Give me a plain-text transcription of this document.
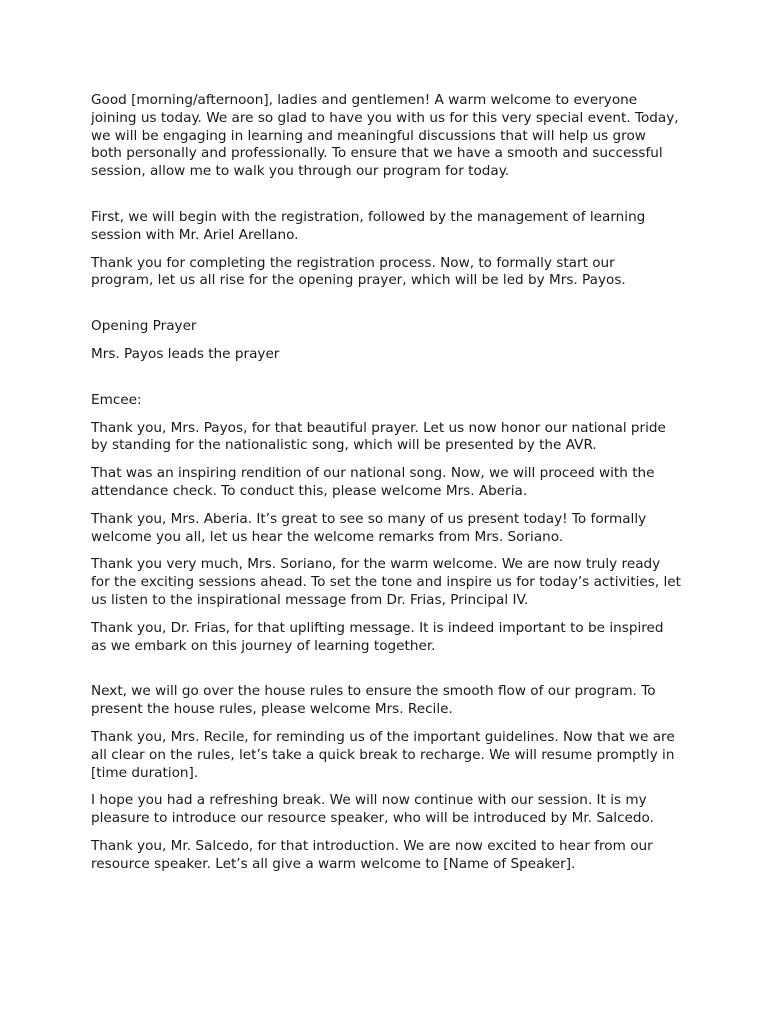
Good [morning/afternoon], ladies and gentlemen! A warm welcome to everyone joining us today. We are so glad to have you with us for this very special event. Today, we will be engaging in learning and meaningful discussions that will help us grow both personally and professionally. To ensure that we have a smooth and successful session, allow me to walk you through our program for today.

First, we will begin with the registration, followed by the management of learning session with Mr. Ariel Arellano.

Thank you for completing the registration process. Now, to formally start our program, let us all rise for the opening prayer, which will be led by Mrs. Payos.

Opening Prayer

Mrs. Payos leads the prayer

Emcee:

Thank you, Mrs. Payos, for that beautiful prayer. Let us now honor our national pride by standing for the nationalistic song, which will be presented by the AVR.

That was an inspiring rendition of our national song. Now, we will proceed with the attendance check. To conduct this, please welcome Mrs. Aberia.

Thank you, Mrs. Aberia. It’s great to see so many of us present today! To formally welcome you all, let us hear the welcome remarks from Mrs. Soriano.

Thank you very much, Mrs. Soriano, for the warm welcome. We are now truly ready for the exciting sessions ahead. To set the tone and inspire us for today’s activities, let us listen to the inspirational message from Dr. Frias, Principal IV.

Thank you, Dr. Frias, for that uplifting message. It is indeed important to be inspired as we embark on this journey of learning together.

Next, we will go over the house rules to ensure the smooth flow of our program. To present the house rules, please welcome Mrs. Recile.

Thank you, Mrs. Recile, for reminding us of the important guidelines. Now that we are all clear on the rules, let’s take a quick break to recharge. We will resume promptly in [time duration].

I hope you had a refreshing break. We will now continue with our session. It is my pleasure to introduce our resource speaker, who will be introduced by Mr. Salcedo.

Thank you, Mr. Salcedo, for that introduction. We are now excited to hear from our resource speaker. Let’s all give a warm welcome to [Name of Speaker].
